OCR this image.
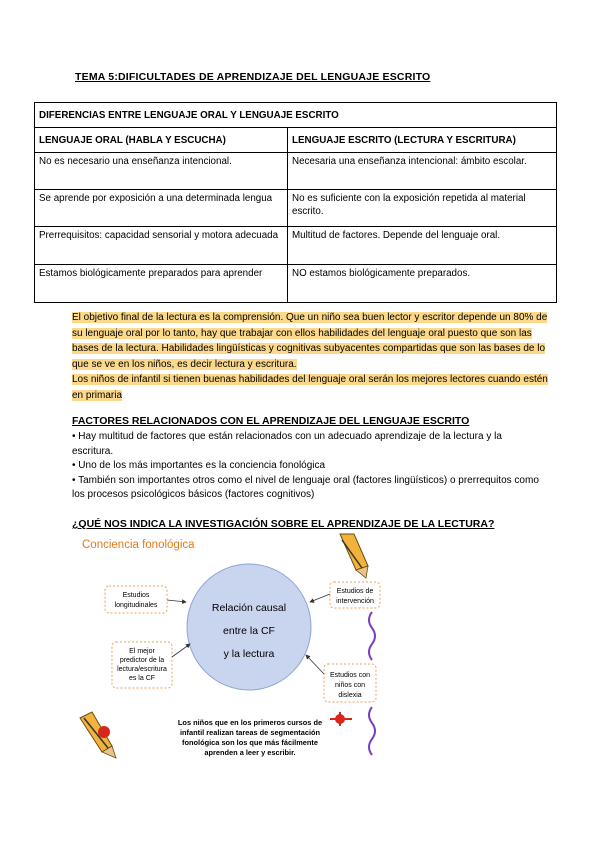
TEMA 5:DIFICULTADES DE APRENDIZAJE DEL LENGUAJE ESCRITO
DIFERENCIAS ENTRE LENGUAJE ORAL Y LENGUAJE ESCRITO	
LENGUAJE ORAL (HABLA Y ESCUCHA)	LENGUAJE ESCRITO (LECTURA Y ESCRITURA)
No es necesario una enseñanza intencional.	Necesaria una enseñanza intencional: ámbito escolar.
Se aprende por exposición a una determinada lengua	No es suficiente con la exposición repetida al material escrito.
Prerrequisitos: capacidad sensorial y motora adecuada	Multitud de factores. Depende del lenguaje oral.
Estamos biológicamente preparados para aprender	NO estamos biológicamente preparados.
El objetivo final de la lectura es la comprensión. Que un niño sea buen lector y escritor depende un 80% de su lenguaje oral por lo tanto, hay que trabajar con ellos habilidades del lenguaje oral puesto que son las bases de la lectura. Habilidades lingüísticas y cognitivas subyacentes compartidas que son las bases de lo que se ve en los niños, es decir lectura y escritura.
Los niños de infantil si tienen buenas habilidades del lenguaje oral serán los mejores lectores cuando estén en primaria
FACTORES RELACIONADOS CON EL APRENDIZAJE DEL LENGUAJE ESCRITO
• Hay multitud de factores que están relacionados con un adecuado aprendizaje de la lectura y la escritura.
• Uno de los más importantes es la conciencia fonológica
• También son importantes otros como el nivel de lenguaje oral (factores lingüísticos) o prerrequitos como los procesos psicológicos básicos (factores cognitivos)
¿QUÉ NOS INDICA LA INVESTIGACIÓN SOBRE EL APRENDIZAJE DE LA LECTURA?
Conciencia fonológica
Relación causal
entre la CF
y la lectura
Estudios
longitudinales
El mejor
predictor de la
lectura/escritura
es la CF
Estudios de
intervención
Estudios con
niños con
dislexia
Los niños que en los primeros cursos de
infantil realizan tareas de segmentación
fonológica son los que más fácilmente
aprenden a leer y escribir.
